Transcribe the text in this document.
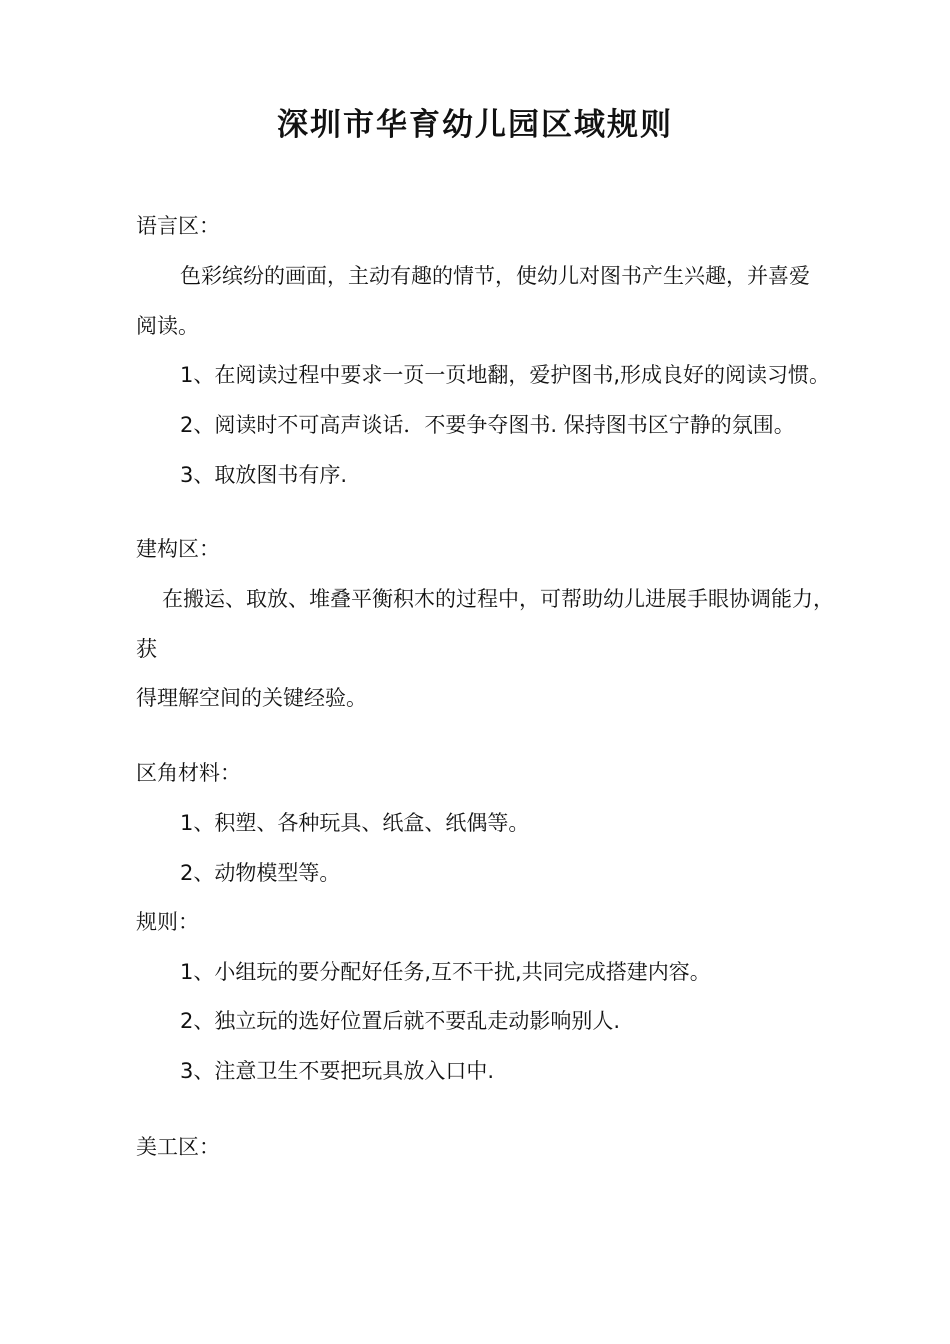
深圳市华育幼儿园区域规则
语言区：
色彩缤纷的画面，主动有趣的情节，使幼儿对图书产生兴趣，并喜爱
阅读。
1、在阅读过程中要求一页一页地翻，爱护图书,形成良好的阅读习惯。
2、阅读时不可高声谈话．不要争夺图书. 保持图书区宁静的氛围。
3、取放图书有序.
建构区：
在搬运、取放、堆叠平衡积木的过程中，可帮助幼儿进展手眼协调能力，
获
得理解空间的关键经验。
区角材料：
1、积塑、各种玩具、纸盒、纸偶等。
2、动物模型等。
规则：
1、小组玩的要分配好任务,互不干扰,共同完成搭建内容。
2、独立玩的选好位置后就不要乱走动影响别人.
3、注意卫生不要把玩具放入口中.
美工区：
